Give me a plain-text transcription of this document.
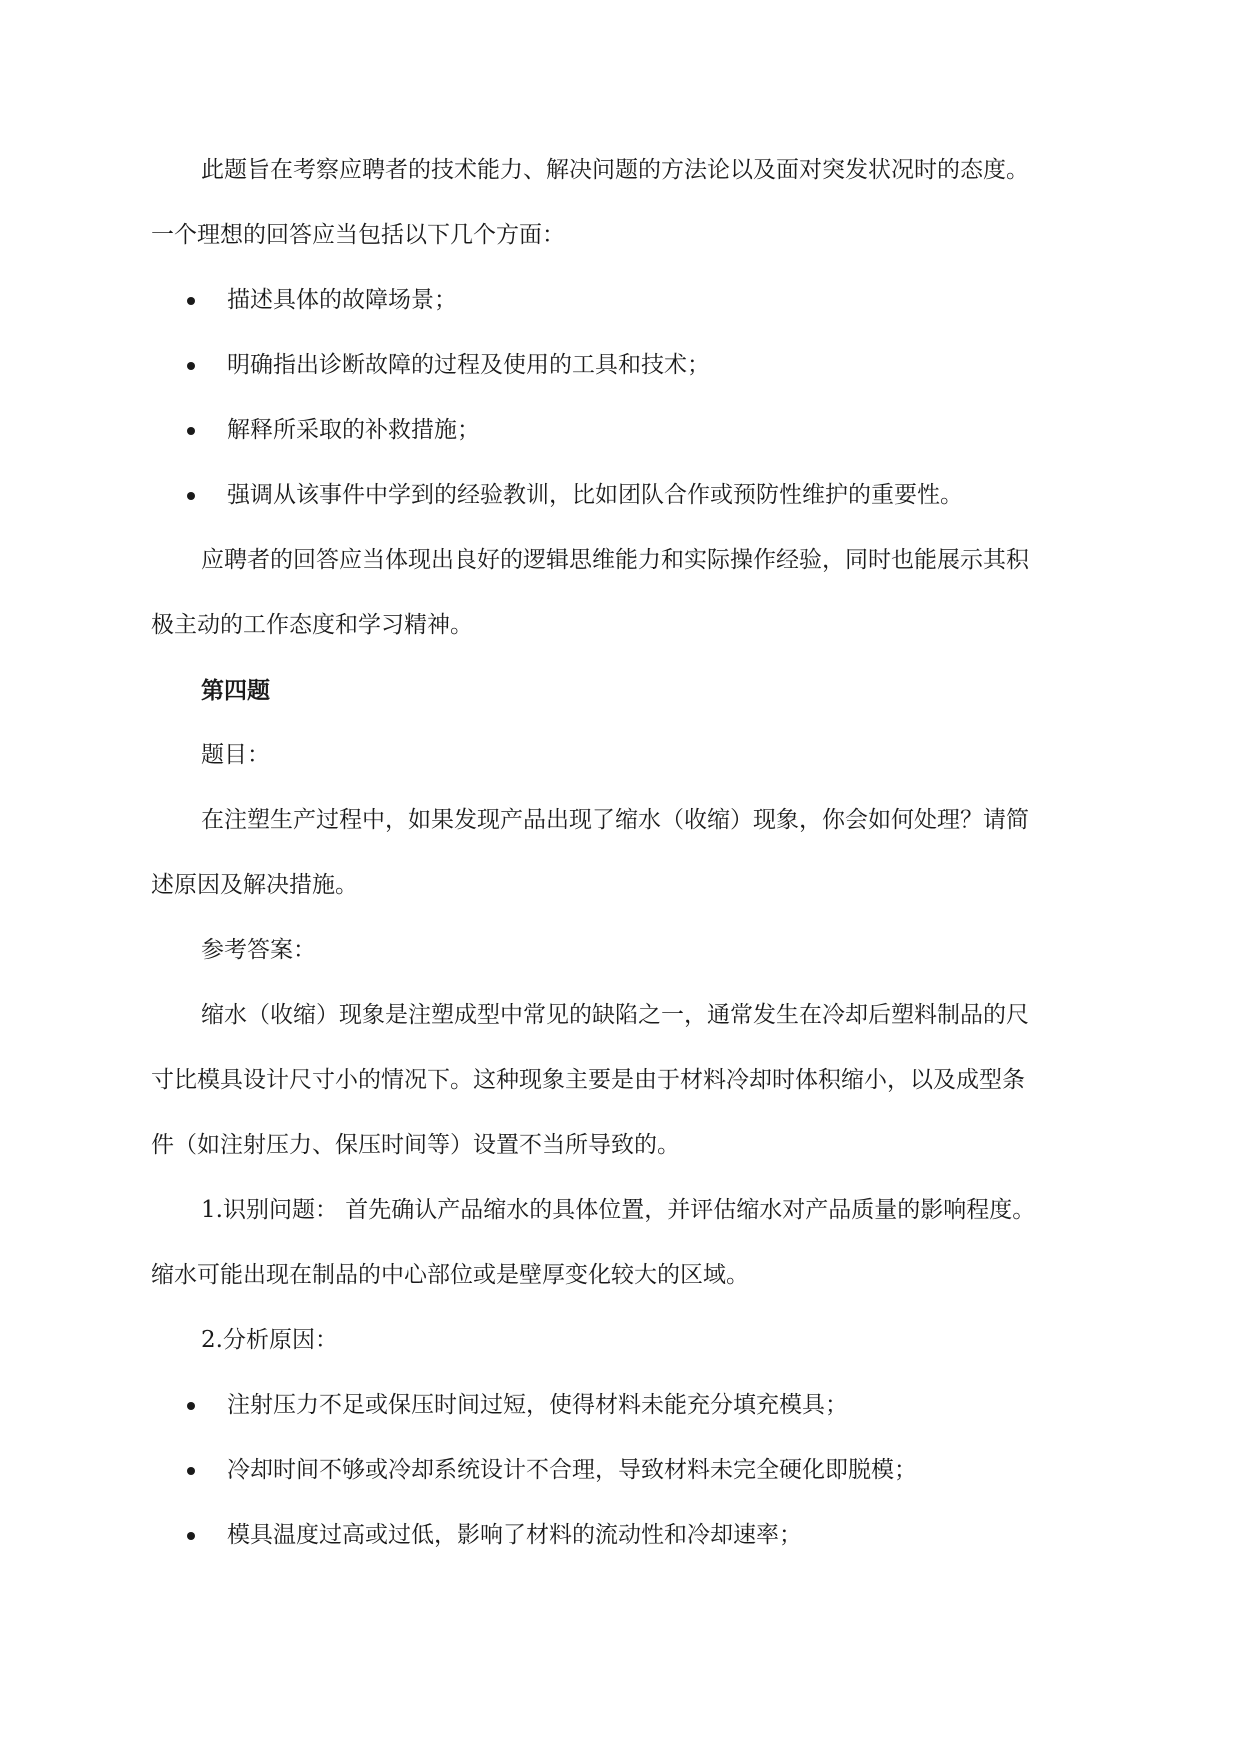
此题旨在考察应聘者的技术能力、解决问题的方法论以及面对突发状况时的态度。
一个理想的回答应当包括以下几个方面：
描述具体的故障场景；
明确指出诊断故障的过程及使用的工具和技术；
解释所采取的补救措施；
强调从该事件中学到的经验教训，比如团队合作或预防性维护的重要性。
应聘者的回答应当体现出良好的逻辑思维能力和实际操作经验，同时也能展示其积
极主动的工作态度和学习精神。
第四题
题目：
在注塑生产过程中，如果发现产品出现了缩水（收缩）现象，你会如何处理？请简
述原因及解决措施。
参考答案：
缩水（收缩）现象是注塑成型中常见的缺陷之一，通常发生在冷却后塑料制品的尺
寸比模具设计尺寸小的情况下。这种现象主要是由于材料冷却时体积缩小，以及成型条
件（如注射压力、保压时间等）设置不当所导致的。
1.识别问题： 首先确认产品缩水的具体位置，并评估缩水对产品质量的影响程度。
缩水可能出现在制品的中心部位或是壁厚变化较大的区域。
2.分析原因：
注射压力不足或保压时间过短，使得材料未能充分填充模具；
冷却时间不够或冷却系统设计不合理，导致材料未完全硬化即脱模；
模具温度过高或过低，影响了材料的流动性和冷却速率；
